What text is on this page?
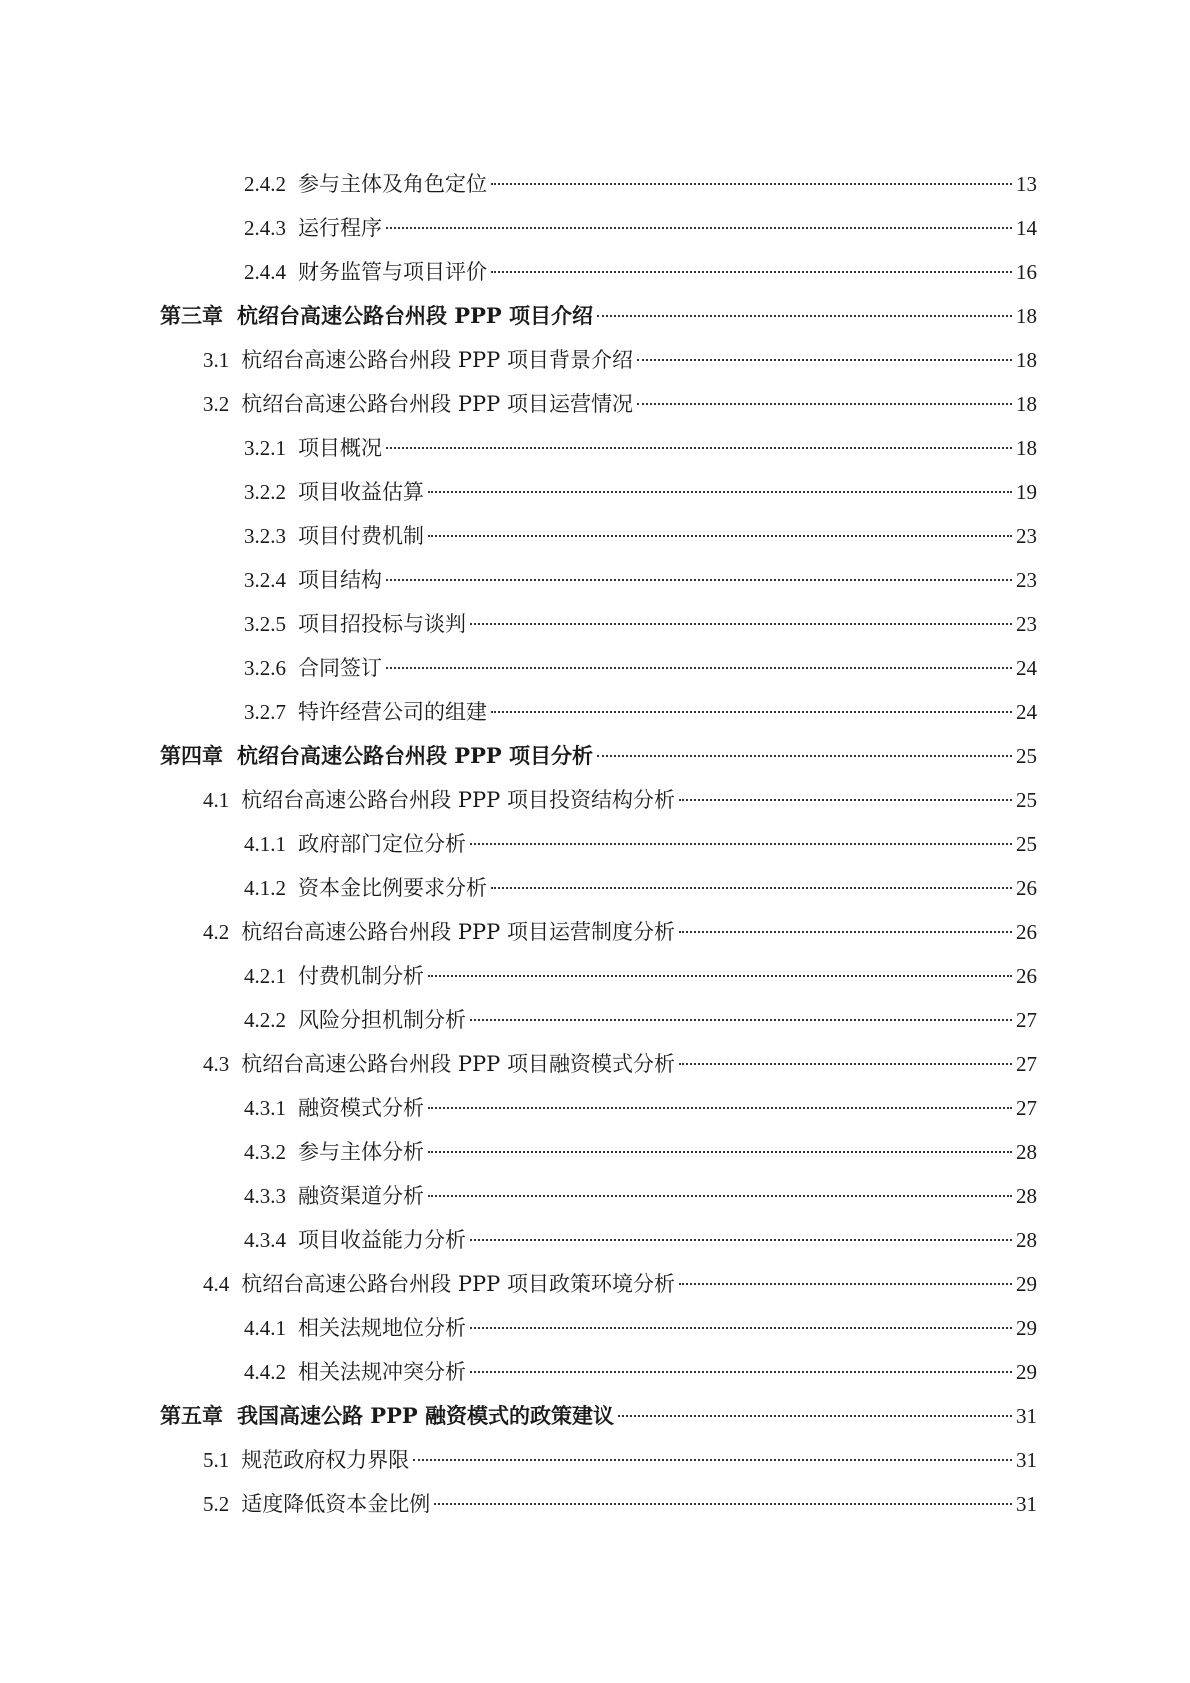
2.4.2 参与主体及角色定位	13
2.4.3 运行程序	14
2.4.4 财务监管与项目评价	16
第三章 杭绍台高速公路台州段 PPP 项目介绍	18
3.1 杭绍台高速公路台州段 PPP 项目背景介绍	18
3.2 杭绍台高速公路台州段 PPP 项目运营情况	18
3.2.1 项目概况	18
3.2.2 项目收益估算	19
3.2.3 项目付费机制	23
3.2.4 项目结构	23
3.2.5 项目招投标与谈判	23
3.2.6 合同签订	24
3.2.7 特许经营公司的组建	24
第四章 杭绍台高速公路台州段 PPP 项目分析	25
4.1 杭绍台高速公路台州段 PPP 项目投资结构分析	25
4.1.1 政府部门定位分析	25
4.1.2 资本金比例要求分析	26
4.2 杭绍台高速公路台州段 PPP 项目运营制度分析	26
4.2.1 付费机制分析	26
4.2.2 风险分担机制分析	27
4.3 杭绍台高速公路台州段 PPP 项目融资模式分析	27
4.3.1 融资模式分析	27
4.3.2 参与主体分析	28
4.3.3 融资渠道分析	28
4.3.4 项目收益能力分析	28
4.4 杭绍台高速公路台州段 PPP 项目政策环境分析	29
4.4.1 相关法规地位分析	29
4.4.2 相关法规冲突分析	29
第五章 我国高速公路 PPP 融资模式的政策建议	31
5.1 规范政府权力界限	31
5.2 适度降低资本金比例	31
